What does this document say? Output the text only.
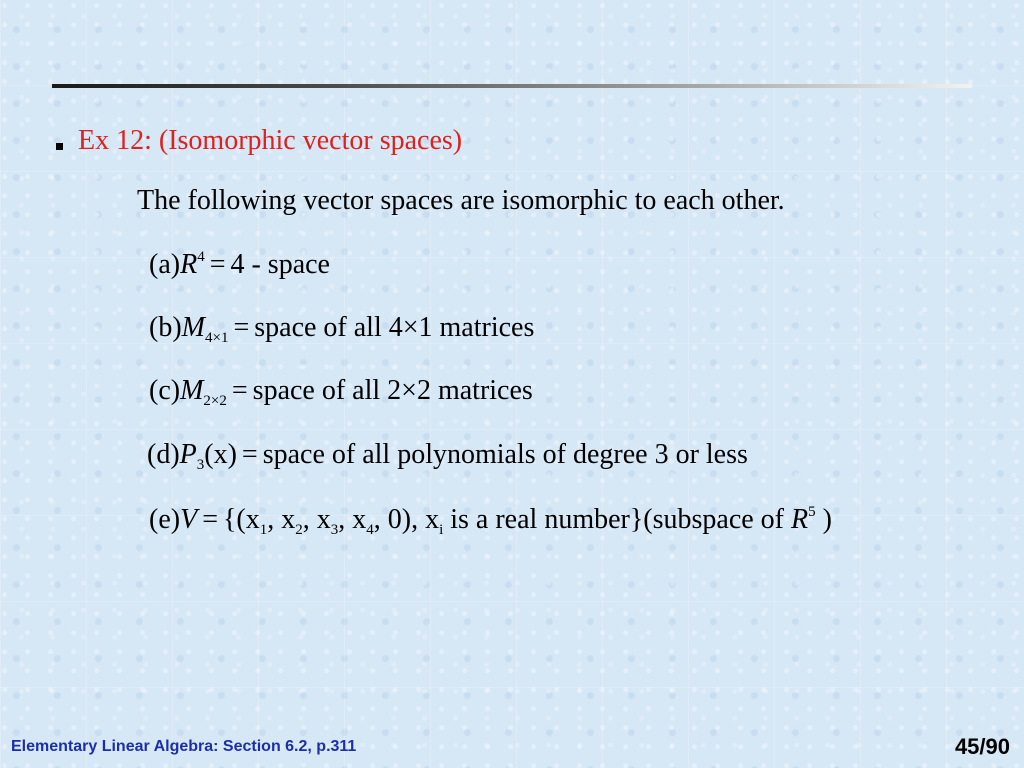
Ex 12: (Isomorphic vector spaces)
The following vector spaces are isomorphic to each other.
$(a)R^4 = 4$ - space
$(b)M_{4\times 1}$ = space of all 4×1 matrices
$(c)M_{2\times 2}$ = space of all 2×2 matrices
$(d)P_3(x)$ = space of all polynomials of degree 3 or less
$(e)V = \{(x_1$, $x_2$, $x_3$, $x_4$, 0), $x_i$ is a real number}(subspace of $R^5$ )
Elementary Linear Algebra: Section 6.2, p.311	45/90
